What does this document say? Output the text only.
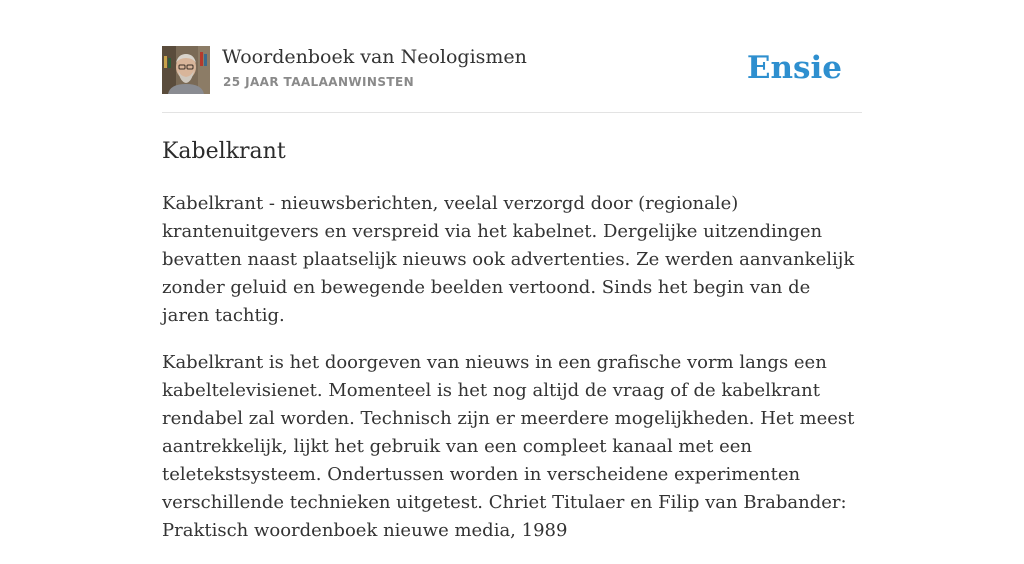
Woordenboek van Neologismen
25 JAAR TAALAANWINSTEN	Ensie
Kabelkrant

Kabelkrant - nieuwsberichten, veelal verzorgd door (regionale) krantenuitgevers en verspreid via het kabelnet. Dergelijke uitzendingen bevatten naast plaatselijk nieuws ook advertenties. Ze werden aanvankelijk zonder geluid en bewegende beelden vertoond. Sinds het begin van de jaren tachtig.

Kabelkrant is het doorgeven van nieuws in een grafische vorm langs een kabeltelevisienet. Momenteel is het nog altijd de vraag of de kabelkrant rendabel zal worden. Technisch zijn er meerdere mogelijkheden. Het meest aantrekkelijk, lijkt het gebruik van een compleet kanaal met een teletekstsysteem. Ondertussen worden in verscheidene experimenten verschillende technieken uitgetest. Chriet Titulaer en Filip van Brabander: Praktisch woordenboek nieuwe media, 1989
